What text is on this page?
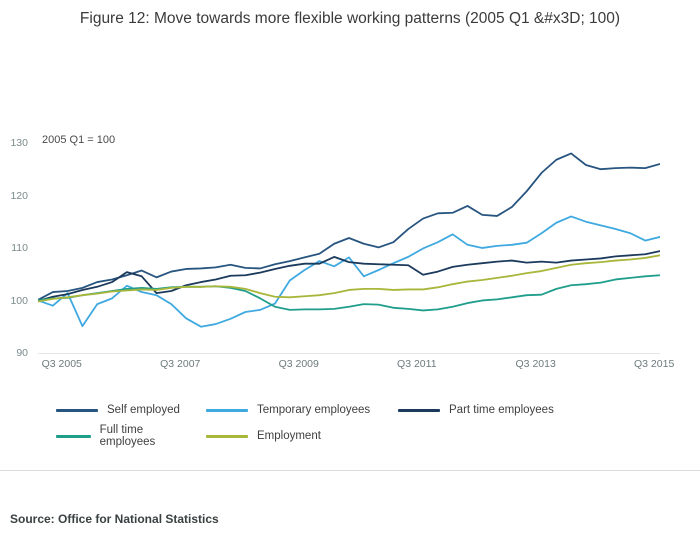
Figure 12: Move towards more flexible working patterns (2005 Q1 &#x3D; 100)
2005 Q1 = 100
Self employed	Temporary employees	Part time employees
Full time employees	Employment
Source: Office for National Statistics
90
100
110
120
130
Q3 2005	Q3 2007	Q3 2009	Q3 2011	Q3 2013	Q3 2015
